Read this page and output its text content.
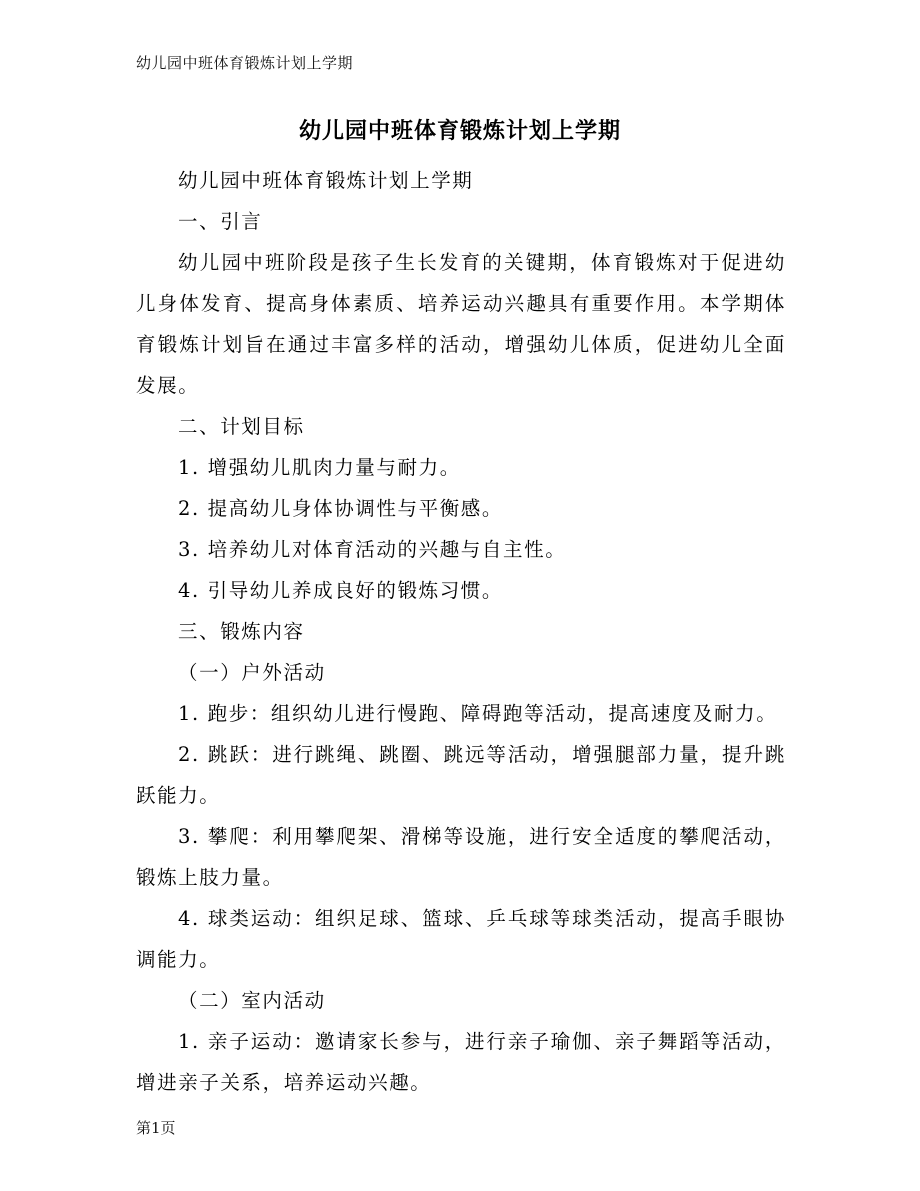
幼儿园中班体育锻炼计划上学期
幼儿园中班体育锻炼计划上学期

幼儿园中班体育锻炼计划上学期

一、引言

幼儿园中班阶段是孩子生长发育的关键期，体育锻炼对于促进幼儿身体发育、提高身体素质、培养运动兴趣具有重要作用。本学期体育锻炼计划旨在通过丰富多样的活动，增强幼儿体质，促进幼儿全面发展。

二、计划目标

1. 增强幼儿肌肉力量与耐力。

2. 提高幼儿身体协调性与平衡感。

3. 培养幼儿对体育活动的兴趣与自主性。

4. 引导幼儿养成良好的锻炼习惯。

三、锻炼内容

（一）户外活动

1. 跑步：组织幼儿进行慢跑、障碍跑等活动，提高速度及耐力。

2. 跳跃：进行跳绳、跳圈、跳远等活动，增强腿部力量，提升跳跃能力。

3. 攀爬：利用攀爬架、滑梯等设施，进行安全适度的攀爬活动，锻炼上肢力量。

4. 球类运动：组织足球、篮球、乒乓球等球类活动，提高手眼协调能力。

（二）室内活动

1. 亲子运动：邀请家长参与，进行亲子瑜伽、亲子舞蹈等活动，增进亲子关系，培养运动兴趣。

第1页
